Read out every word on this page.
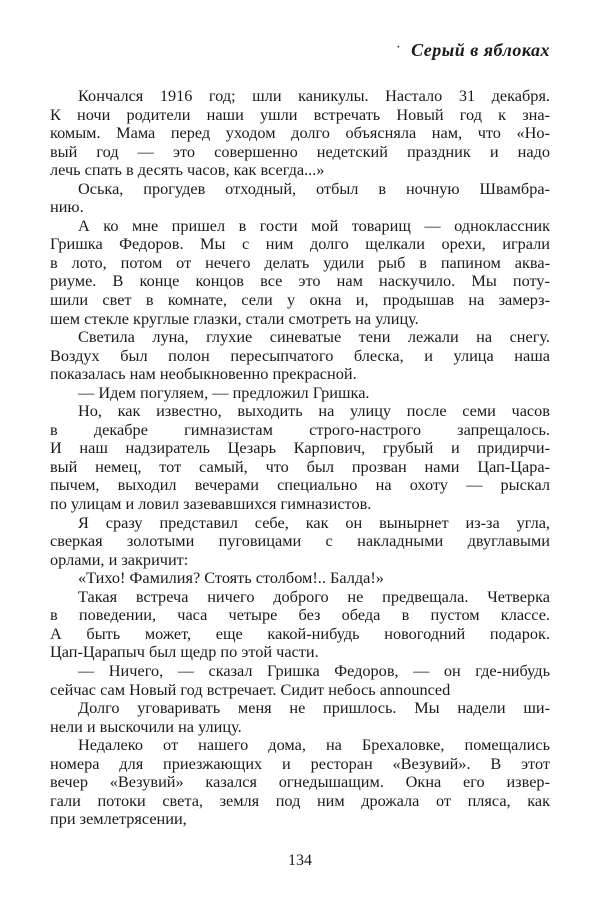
· Серый в яблоках
Кончался 1916 год; шли каникулы. Настало 31 декабря.
К ночи родители наши ушли встречать Новый год к зна-
комым. Мама перед уходом долго объясняла нам, что «Но-
вый год — это совершенно недетский праздник и надо
лечь спать в десять часов, как всегда...»
Оська, прогудев отходный, отбыл в ночную Швамбра-
нию.
А ко мне пришел в гости мой товарищ — одноклассник
Гришка Федоров. Мы с ним долго щелкали орехи, играли
в лото, потом от нечего делать удили рыб в папином аква-
риуме. В конце концов все это нам наскучило. Мы поту-
шили свет в комнате, сели у окна и, продышав на замерз-
шем стекле круглые глазки, стали смотреть на улицу.
Светила луна, глухие синеватые тени лежали на снегу.
Воздух был полон пересыпчатого блеска, и улица наша
показалась нам необыкновенно прекрасной.
— Идем погуляем, — предложил Гришка.
Но, как известно, выходить на улицу после семи часов
в декабре гимназистам строго-настрого запрещалось.
И наш надзиратель Цезарь Карпович, грубый и придирчи-
вый немец, тот самый, что был прозван нами Цап-Цара-
пычем, выходил вечерами специально на охоту — рыскал
по улицам и ловил зазевавшихся гимназистов.
Я сразу представил себе, как он вынырнет из-за угла,
сверкая золотыми пуговицами с накладными двуглавыми
орлами, и закричит:
«Тихо! Фамилия? Стоять столбом!.. Балда!»
Такая встреча ничего доброго не предвещала. Четверка
в поведении, часа четыре без обеда в пустом классе.
А быть может, еще какой-нибудь новогодний подарок.
Цап-Царапыч был щедр по этой части.
— Ничего, — сказал Гришка Федоров, — он где-нибудь
сейчас сам Новый год встречает. Сидит небось announced
Долго уговаривать меня не пришлось. Мы надели ши-
нели и выскочили на улицу.
Недалеко от нашего дома, на Брехаловке, помещались
номера для приезжающих и ресторан «Везувий». В этот
вечер «Везувий» казался огнедышащим. Окна его извер-
гали потоки света, земля под ним дрожала от пляса, как
при землетрясении,
134
